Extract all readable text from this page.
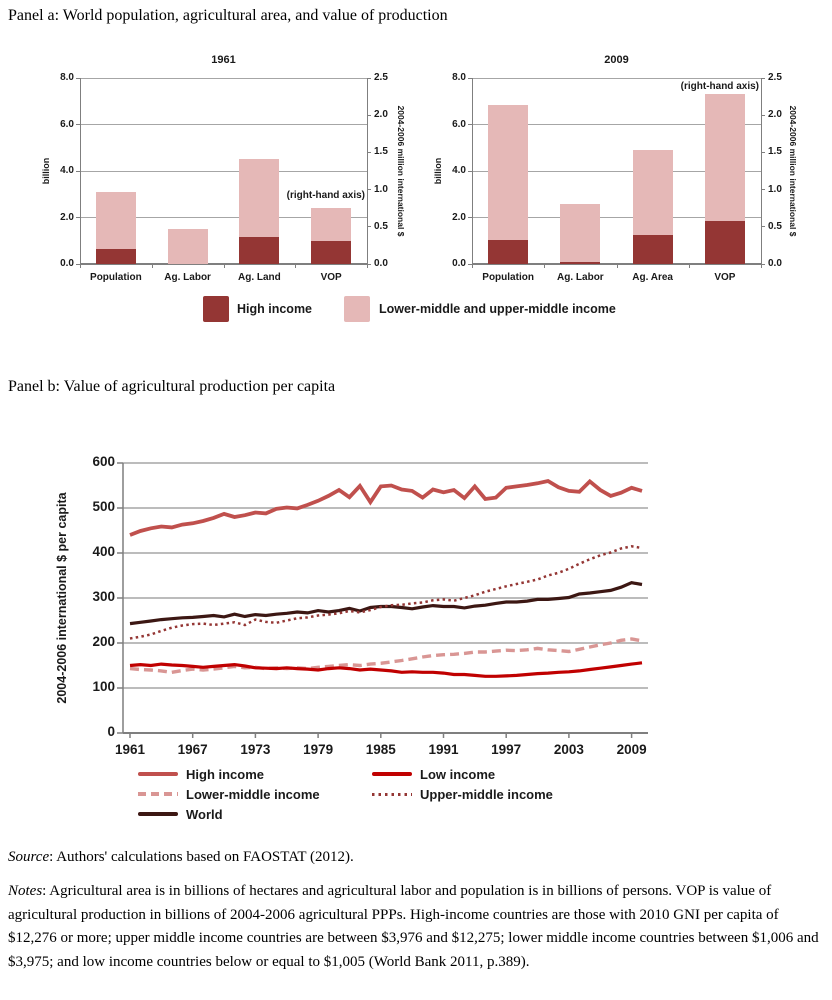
Panel a: World population, agricultural area, and value of production
1961
8.0
6.0
4.0
2.0
0.0
2.5
2.0
1.5
1.0
0.5
0.0
billion	2004-2006 million international $
Population	Ag. Labor	Ag. Land	VOP
(right-hand axis)
2009
8.0
6.0
4.0
2.0
0.0
2.5
2.0
1.5
1.0
0.5
0.0
billion	2004-2006 million international $
Population	Ag. Labor	Ag. Area	VOP
(right-hand axis)
High income	Lower-middle and upper-middle income
Panel b: Value of agricultural production per capita
600
500
400
300
200
100
0
1961	1967	1973	1979	1985	1991	1997	2003	2009
2004-2006 international $ per capita
High income	Low income
Lower-middle income	Upper-middle income
World

Source: Authors' calculations based on FAOSTAT (2012).

Notes: Agricultural area is in billions of hectares and agricultural labor and population is in billions of persons. VOP is value of agricultural production in billions of 2004-2006 agricultural PPPs. High-income countries are those with 2010 GNI per capita of $12,276 or more; upper middle income countries are between $3,976 and $12,275; lower middle income countries between $1,006 and $3,975; and low income countries below or equal to $1,005 (World Bank 2011, p.389).
